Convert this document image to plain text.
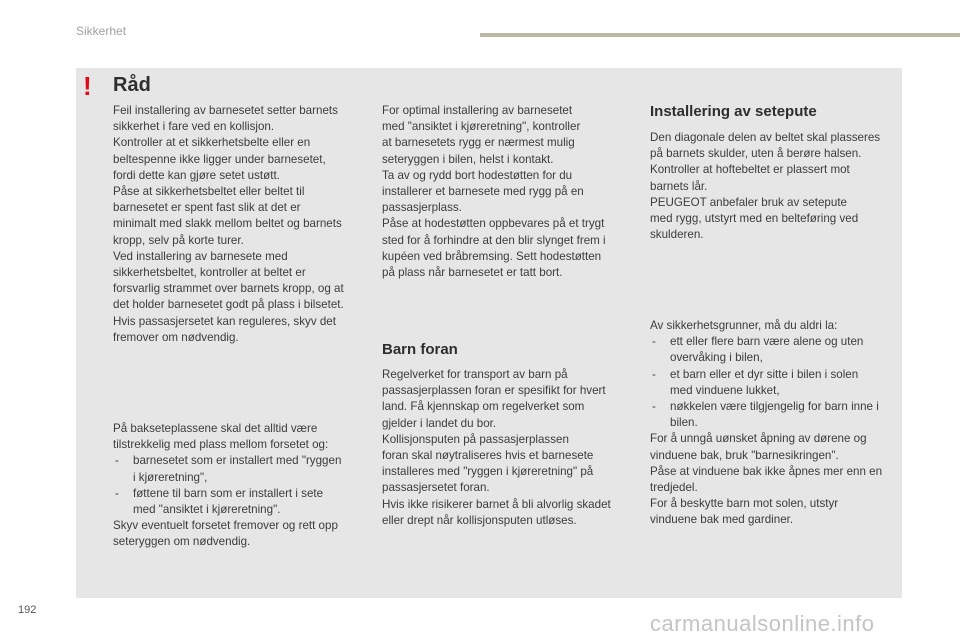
Sikkerhet
! Råd

Feil installering av barnesetet setter barnets
sikkerhet i fare ved en kollisjon.
Kontroller at et sikkerhetsbelte eller en
beltespenne ikke ligger under barnesetet,
fordi dette kan gjøre setet ustøtt.
Påse at sikkerhetsbeltet eller beltet til
barnesetet er spent fast slik at det er
minimalt med slakk mellom beltet og barnets
kropp, selv på korte turer.
Ved installering av barnesete med
sikkerhetsbeltet, kontroller at beltet er
forsvarlig strammet over barnets kropp, og at
det holder barnesetet godt på plass i bilsetet.
Hvis passasjersetet kan reguleres, skyv det
fremover om nødvendig.

På bakseteplassene skal det alltid være
tilstrekkelig med plass mellom forsetet og:

- barnesetet som er installert med "ryggen
i kjøreretning",
- føttene til barn som er installert i sete
med "ansiktet i kjøreretning".

Skyv eventuelt forsetet fremover og rett opp
seteryggen om nødvendig.

For optimal installering av barnesetet
med "ansiktet i kjøreretning", kontroller
at barnesetets rygg er nærmest mulig
seteryggen i bilen, helst i kontakt.
Ta av og rydd bort hodestøtten for du
installerer et barnesete med rygg på en
passasjerplass.
Påse at hodestøtten oppbevares på et trygt
sted for å forhindre at den blir slynget frem i
kupéen ved bråbremsing. Sett hodestøtten
på plass når barnesetet er tatt bort.

Barn foran

Regelverket for transport av barn på
passasjerplassen foran er spesifikt for hvert
land. Få kjennskap om regelverket som
gjelder i landet du bor.
Kollisjonsputen på passasjerplassen
foran skal nøytraliseres hvis et barnesete
installeres med "ryggen i kjøreretning" på
passasjersetet foran.
Hvis ikke risikerer barnet å bli alvorlig skadet
eller drept når kollisjonsputen utløses.

Installering av setepute

Den diagonale delen av beltet skal plasseres
på barnets skulder, uten å berøre halsen.
Kontroller at hoftebeltet er plassert mot
barnets lår.
PEUGEOT anbefaler bruk av setepute
med rygg, utstyrt med en belteføring ved
skulderen.

Av sikkerhetsgrunner, må du aldri la:

- ett eller flere barn være alene og uten
overvåking i bilen,
- et barn eller et dyr sitte i bilen i solen
med vinduene lukket,
- nøkkelen være tilgjengelig for barn inne i
bilen.

For å unngå uønsket åpning av dørene og
vinduene bak, bruk "barnesikringen".
Påse at vinduene bak ikke åpnes mer enn en
tredjedel.
For å beskytte barn mot solen, utstyr
vinduene bak med gardiner.

192
carmanualsonline.info
